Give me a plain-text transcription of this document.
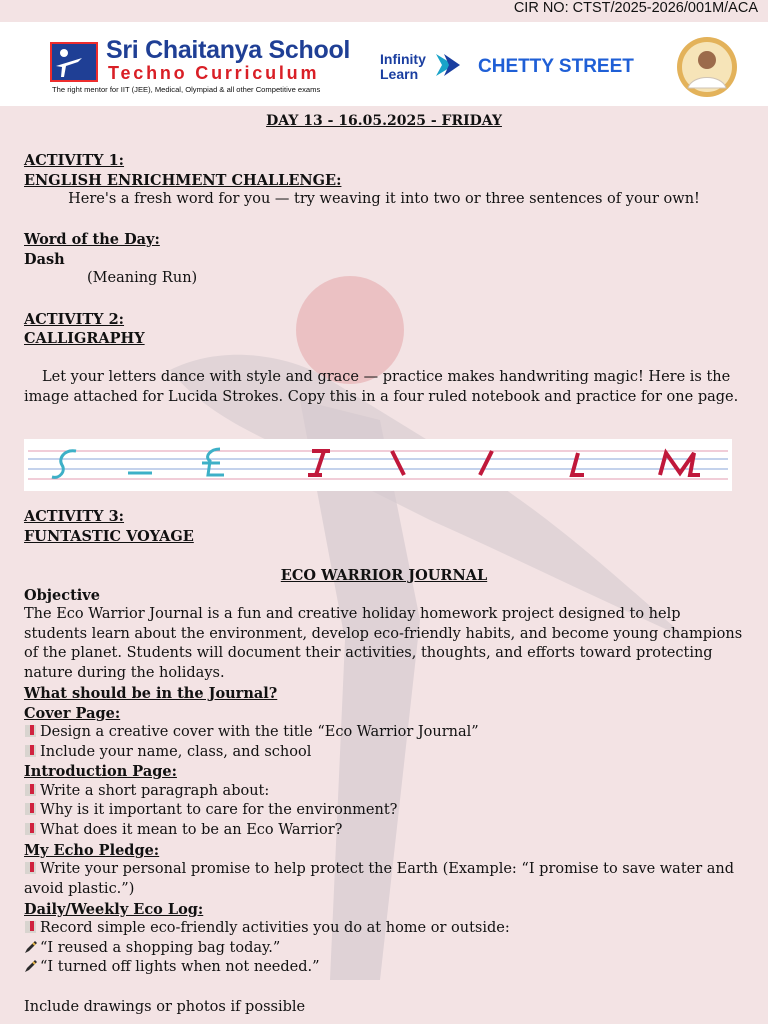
CIR NO: CTST/2025-2026/001M/ACA
Sri Chaitanya School
Techno Curriculum
The right mentor for IIT (JEE), Medical, Olympiad & all other Competitive exams
Infinity
Learn	CHETTY STREET
DAY 13 - 16.05.2025 - FRIDAY
ACTIVITY 1:
ENGLISH ENRICHMENT CHALLENGE:
Here's a fresh word for you — try weaving it into two or three sentences of your own!
Word of the Day:
Dash
(Meaning Run)
ACTIVITY 2:
CALLIGRAPHY
Let your letters dance with style and grace — practice makes handwriting magic! Here is the image attached for Lucida Strokes. Copy this in a four ruled notebook and practice for one page.
ACTIVITY 3:
FUNTASTIC VOYAGE
ECO WARRIOR JOURNAL
Objective
The Eco Warrior Journal is a fun and creative holiday homework project designed to help students learn about the environment, develop eco-friendly habits, and become young champions of the planet. Students will document their activities, thoughts, and efforts toward protecting nature during the holidays.
What should be in the Journal?
Cover Page:
Design a creative cover with the title “Eco Warrior Journal”
Include your name, class, and school
Introduction Page:
Write a short paragraph about:
Why is it important to care for the environment?
What does it mean to be an Eco Warrior?
My Echo Pledge:
Write your personal promise to help protect the Earth (Example: “I promise to save water and avoid plastic.”)
Daily/Weekly Eco Log:
Record simple eco-friendly activities you do at home or outside:
“I reused a shopping bag today.”
“I turned off lights when not needed.”
Include drawings or photos if possible
